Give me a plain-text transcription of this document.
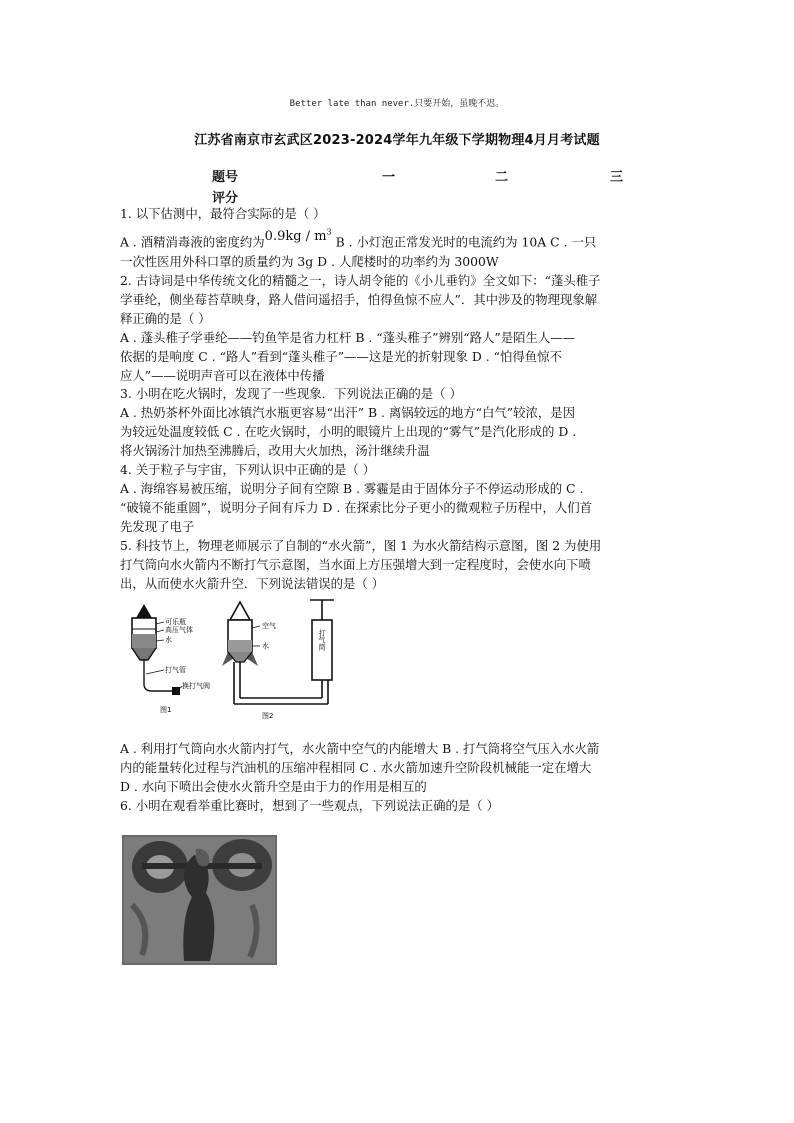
Better late than never.只要开始，虽晚不迟。
江苏省南京市玄武区2023-2024学年九年级下学期物理4月月考试题
题号	一	二	三
评分

1. 以下估测中，最符合实际的是（ ）

A . 酒精消毒液的密度约为$0.9kg / m^3$ B . 小灯泡正常发光时的电流约为 10A C . 一只

一次性医用外科口罩的质量约为 3g D . 人爬楼时的功率约为 3000W

2. 古诗词是中华传统文化的精髓之一，诗人胡令能的《小儿垂钓》全文如下：“蓬头稚子

学垂纶，侧坐莓苔草映身，路人借问遥招手，怕得鱼惊不应人”．其中涉及的物理现象解

释正确的是（ ）

A . 蓬头稚子学垂纶——钓鱼竿是省力杠杆 B . “蓬头稚子”辨别“路人”是陌生人——

依据的是响度 C . “路人”看到“蓬头稚子”——这是光的折射现象 D . “怕得鱼惊不

应人”——说明声音可以在液体中传播

3. 小明在吃火锅时，发现了一些现象．下列说法正确的是（ ）

A . 热奶茶杯外面比冰镇汽水瓶更容易“出汗” B . 离锅较远的地方“白气”较浓，是因

为较远处温度较低 C . 在吃火锅时，小明的眼镜片上出现的“雾气”是汽化形成的 D .

将火锅汤汁加热至沸腾后，改用大火加热，汤汁继续升温

4. 关于粒子与宇宙，下列认识中正确的是（ ）

A . 海绵容易被压缩，说明分子间有空隙 B . 雾霾是由于固体分子不停运动形成的 C .

“破镜不能重圆”，说明分子间有斥力 D . 在探索比分子更小的微观粒子历程中，人们首

先发现了电子

5. 科技节上，物理老师展示了自制的“水火箭”，图 1 为水火箭结构示意图，图 2 为使用

打气筒向水火箭内不断打气示意图，当水面上方压强增大到一定程度时，会使水向下喷

出，从而使水火箭升空．下列说法错误的是（ ）

可乐瓶
高压气体
水
打气管
换打气阀
图1
空气
水	打气筒
图2

A . 利用打气筒向水火箭内打气，水火箭中空气的内能增大 B . 打气筒将空气压入水火箭

内的能量转化过程与汽油机的压缩冲程相同 C . 水火箭加速升空阶段机械能一定在增大

D . 水向下喷出会使水火箭升空是由于力的作用是相互的

6. 小明在观看举重比赛时，想到了一些观点，下列说法正确的是（ ）
